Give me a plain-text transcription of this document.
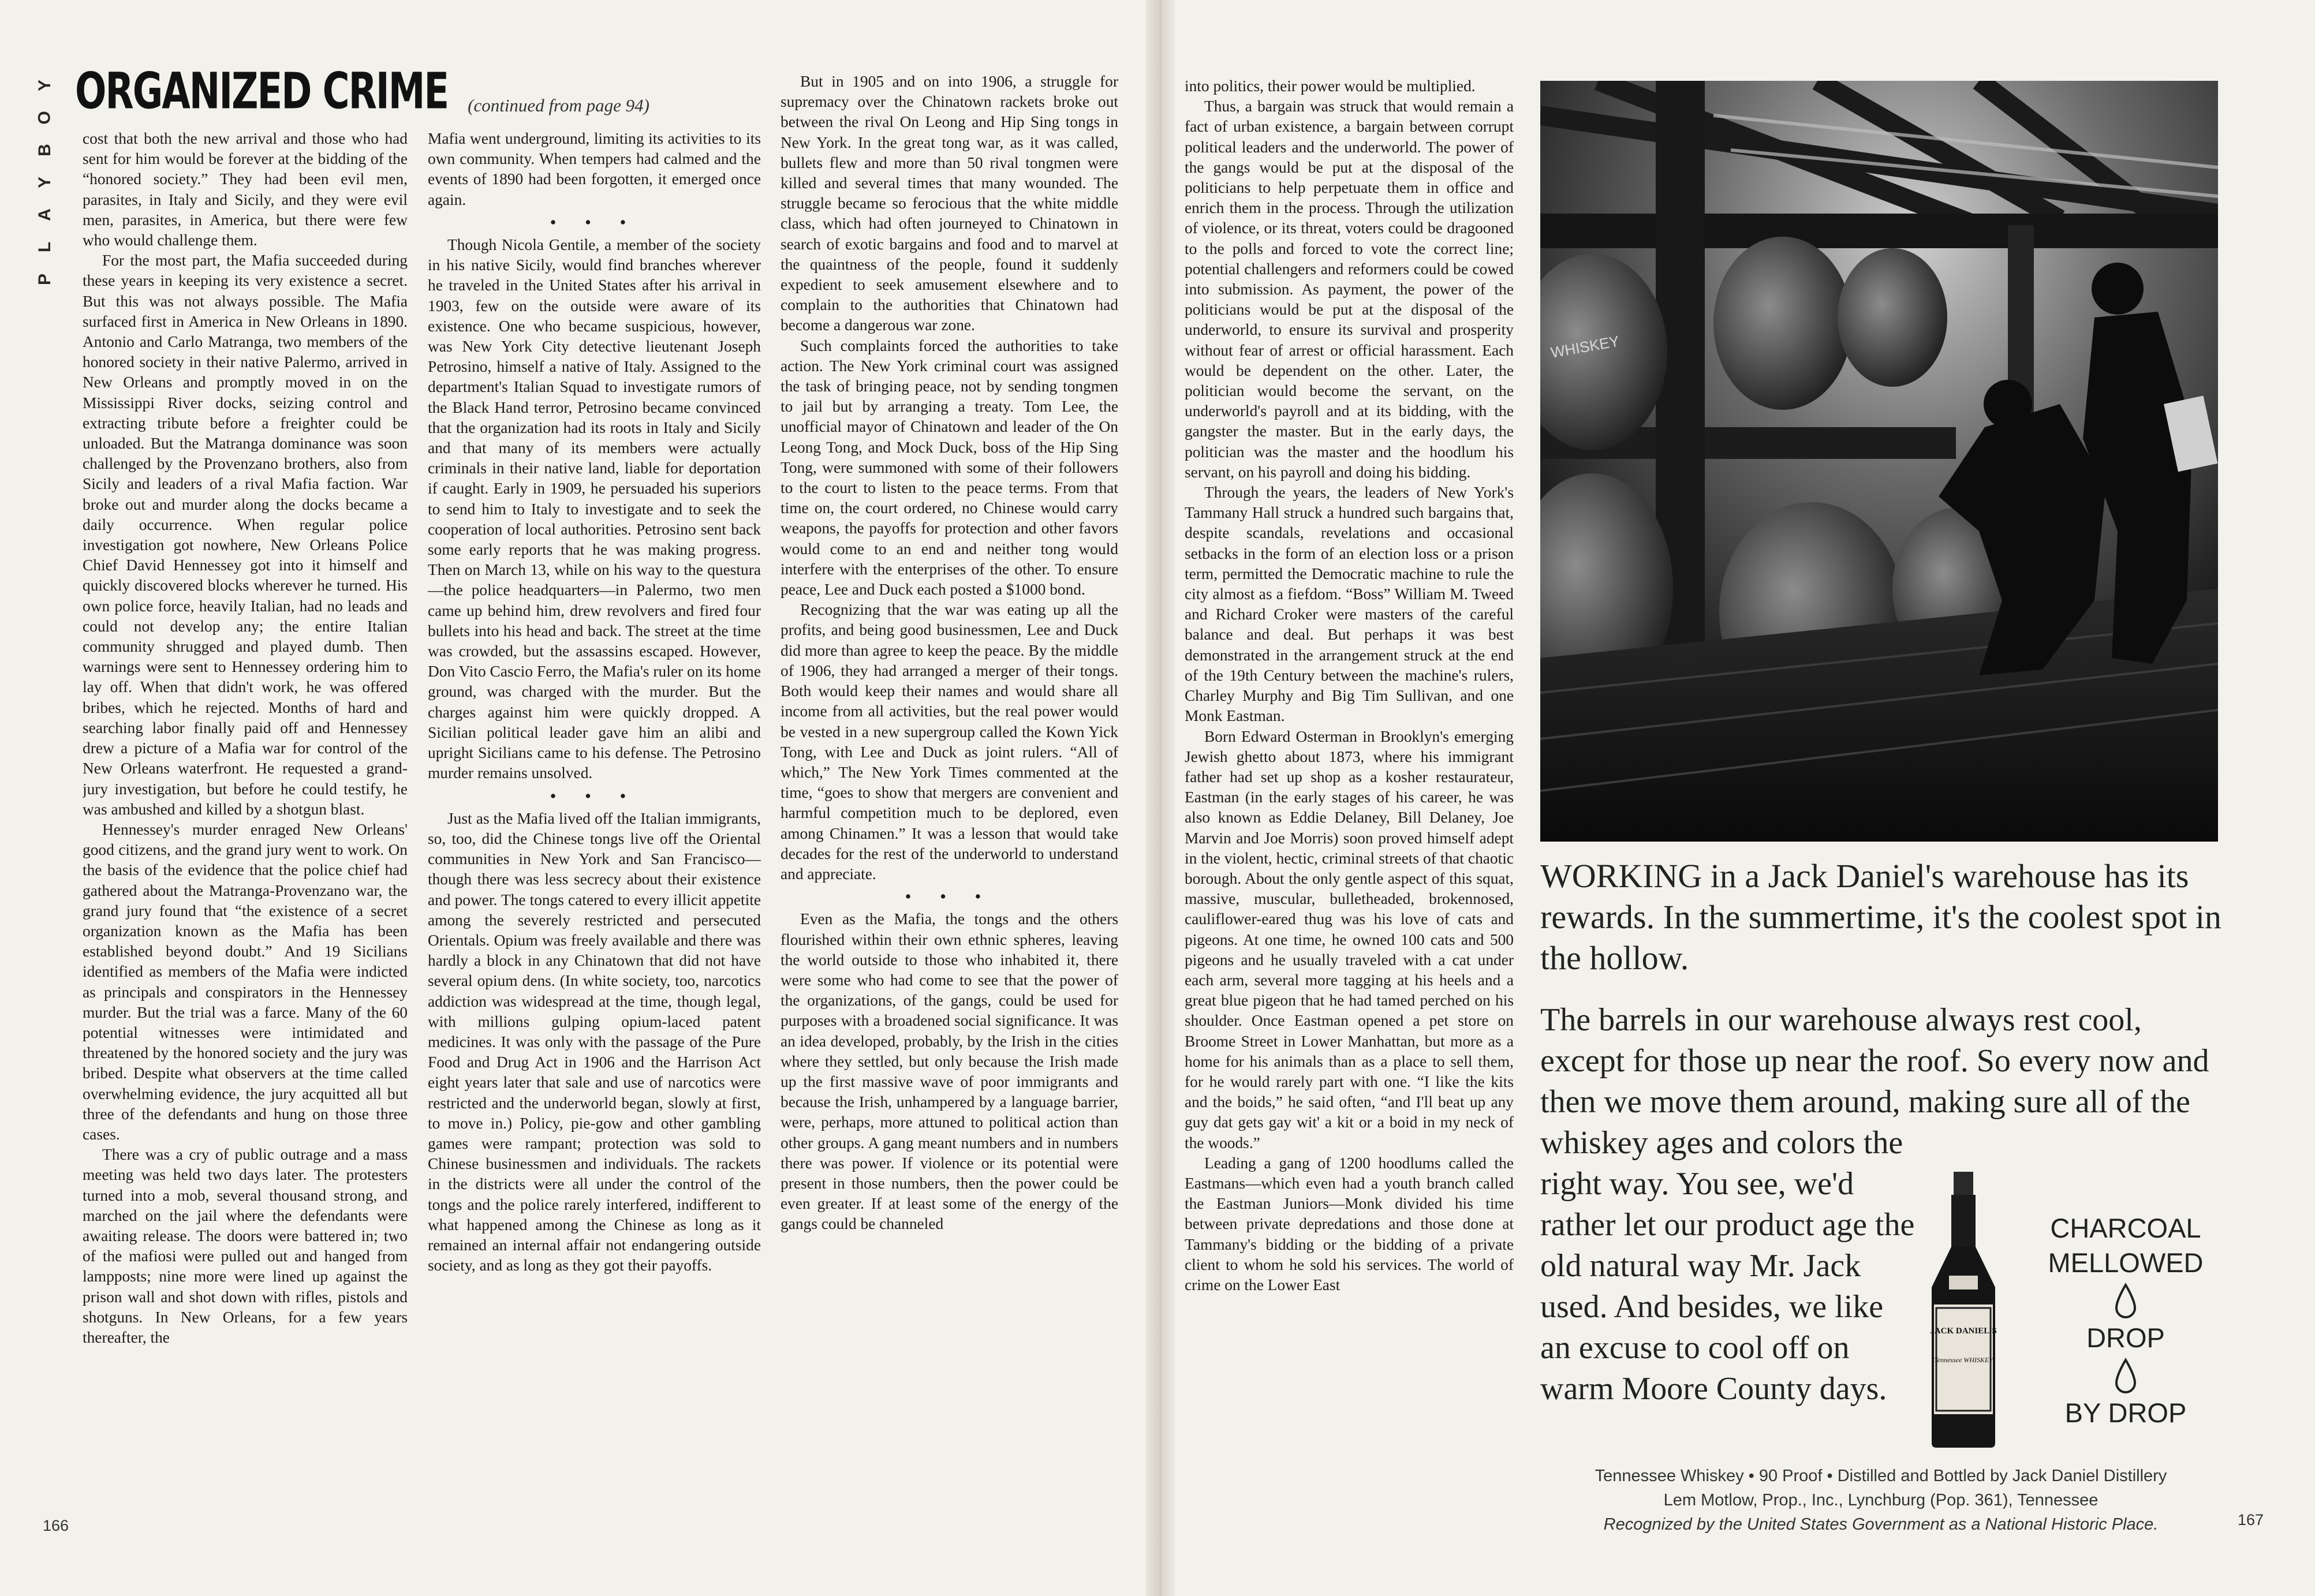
Y
O
B
Y
A
L
P
ORGANIZED CRIME (continued from page 94)

cost that both the new arrival and those who had sent for him would be forever at the bidding of the “honored society.” They had been evil men, parasites, in Italy and Sicily, and they were evil men, parasites, in America, but there were few who would challenge them.

For the most part, the Mafia succeeded during these years in keeping its very existence a secret. But this was not always possible. The Mafia surfaced first in America in New Orleans in 1890. Antonio and Carlo Matranga, two members of the honored society in their native Palermo, arrived in New Orleans and promptly moved in on the Mississippi River docks, seizing control and extracting tribute before a freighter could be unloaded. But the Matranga dominance was soon challenged by the Provenzano brothers, also from Sicily and leaders of a rival Mafia faction. War broke out and murder along the docks became a daily occurrence. When regular police investigation got nowhere, New Orleans Police Chief David Hennessey got into it himself and quickly discovered blocks wherever he turned. His own police force, heavily Italian, had no leads and could not develop any; the entire Italian community shrugged and played dumb. Then warnings were sent to Hennessey ordering him to lay off. When that didn't work, he was offered bribes, which he rejected. Months of hard and searching labor finally paid off and Hennessey drew a picture of a Mafia war for control of the New Orleans waterfront. He requested a grand-jury investigation, but before he could testify, he was ambushed and killed by a shotgun blast.

Hennessey's murder enraged New Orleans' good citizens, and the grand jury went to work. On the basis of the evidence that the police chief had gathered about the Matranga-Provenzano war, the grand jury found that “the existence of a secret organization known as the Mafia has been established beyond doubt.” And 19 Sicilians identified as members of the Mafia were indicted as principals and conspirators in the Hennessey murder. But the trial was a farce. Many of the 60 potential witnesses were intimidated and threatened by the honored society and the jury was bribed. Despite what observers at the time called overwhelming evidence, the jury acquitted all but three of the defendants and hung on those three cases.

There was a cry of public outrage and a mass meeting was held two days later. The protesters turned into a mob, several thousand strong, and marched on the jail where the defendants were awaiting release. The doors were battered in; two of the mafiosi were pulled out and hanged from lampposts; nine more were lined up against the prison wall and shot down with rifles, pistols and shotguns. In New Orleans, for a few years thereafter, the

Mafia went underground, limiting its activities to its own community. When tempers had calmed and the events of 1890 had been forgotten, it emerged once again.

• • •

Though Nicola Gentile, a member of the society in his native Sicily, would find branches wherever he traveled in the United States after his arrival in 1903, few on the outside were aware of its existence. One who became suspicious, however, was New York City detective lieutenant Joseph Petrosino, himself a native of Italy. Assigned to the department's Italian Squad to investigate rumors of the Black Hand terror, Petrosino became convinced that the organization had its roots in Italy and Sicily and that many of its members were actually criminals in their native land, liable for deportation if caught. Early in 1909, he persuaded his superiors to send him to Italy to investigate and to seek the cooperation of local authorities. Petrosino sent back some early reports that he was making progress. Then on March 13, while on his way to the questura—the police headquarters—in Palermo, two men came up behind him, drew revolvers and fired four bullets into his head and back. The street at the time was crowded, but the assassins escaped. However, Don Vito Cascio Ferro, the Mafia's ruler on its home ground, was charged with the murder. But the charges against him were quickly dropped. A Sicilian political leader gave him an alibi and upright Sicilians came to his defense. The Petrosino murder remains unsolved.

• • •

Just as the Mafia lived off the Italian immigrants, so, too, did the Chinese tongs live off the Oriental communities in New York and San Francisco—though there was less secrecy about their existence and power. The tongs catered to every illicit appetite among the severely restricted and persecuted Orientals. Opium was freely available and there was hardly a block in any Chinatown that did not have several opium dens. (In white society, too, narcotics addiction was widespread at the time, though legal, with millions gulping opium-laced patent medicines. It was only with the passage of the Pure Food and Drug Act in 1906 and the Harrison Act eight years later that sale and use of narcotics were restricted and the underworld began, slowly at first, to move in.) Policy, pie-gow and other gambling games were rampant; protection was sold to Chinese businessmen and individuals. The rackets in the districts were all under the control of the tongs and the police rarely interfered, indifferent to what happened among the Chinese as long as it remained an internal affair not endangering outside society, and as long as they got their payoffs.

But in 1905 and on into 1906, a struggle for supremacy over the Chinatown rackets broke out between the rival On Leong and Hip Sing tongs in New York. In the great tong war, as it was called, bullets flew and more than 50 rival tongmen were killed and several times that many wounded. The struggle became so ferocious that the white middle class, which had often journeyed to Chinatown in search of exotic bargains and food and to marvel at the quaintness of the people, found it suddenly expedient to seek amusement elsewhere and to complain to the authorities that Chinatown had become a dangerous war zone.

Such complaints forced the authorities to take action. The New York criminal court was assigned the task of bringing peace, not by sending tongmen to jail but by arranging a treaty. Tom Lee, the unofficial mayor of Chinatown and leader of the On Leong Tong, and Mock Duck, boss of the Hip Sing Tong, were summoned with some of their followers to the court to listen to the peace terms. From that time on, the court ordered, no Chinese would carry weapons, the payoffs for protection and other favors would come to an end and neither tong would interfere with the enterprises of the other. To ensure peace, Lee and Duck each posted a $1000 bond.

Recognizing that the war was eating up all the profits, and being good businessmen, Lee and Duck did more than agree to keep the peace. By the middle of 1906, they had arranged a merger of their tongs. Both would keep their names and would share all income from all activities, but the real power would be vested in a new supergroup called the Kown Yick Tong, with Lee and Duck as joint rulers. “All of which,” The New York Times commented at the time, “goes to show that mergers are convenient and harmful competition much to be deplored, even among Chinamen.” It was a lesson that would take decades for the rest of the underworld to understand and appreciate.

• • •

Even as the Mafia, the tongs and the others flourished within their own ethnic spheres, leaving the world outside to those who inhabited it, there were some who had come to see that the power of the organizations, of the gangs, could be used for purposes with a broadened social significance. It was an idea developed, probably, by the Irish in the cities where they settled, but only because the Irish made up the first massive wave of poor immigrants and because the Irish, unhampered by a language barrier, were, perhaps, more attuned to political action than other groups. A gang meant numbers and in numbers there was power. If violence or its potential were present in those numbers, then the power could be even greater. If at least some of the energy of the gangs could be channeled

166

into politics, their power would be multiplied.

Thus, a bargain was struck that would remain a fact of urban existence, a bargain between corrupt political leaders and the underworld. The power of the gangs would be put at the disposal of the politicians to help perpetuate them in office and enrich them in the process. Through the utilization of violence, or its threat, voters could be dragooned to the polls and forced to vote the correct line; potential challengers and reformers could be cowed into submission. As payment, the power of the politicians would be put at the disposal of the underworld, to ensure its survival and prosperity without fear of arrest or official harassment. Each would be dependent on the other. Later, the politician would become the servant, on the underworld's payroll and at its bidding, with the gangster the master. But in the early days, the politician was the master and the hoodlum his servant, on his payroll and doing his bidding.

Through the years, the leaders of New York's Tammany Hall struck a hundred such bargains that, despite scandals, revelations and occasional setbacks in the form of an election loss or a prison term, permitted the Democratic machine to rule the city almost as a fiefdom. “Boss” William M. Tweed and Richard Croker were masters of the careful balance and deal. But perhaps it was best demonstrated in the arrangement struck at the end of the 19th Century between the machine's rulers, Charley Murphy and Big Tim Sullivan, and one Monk Eastman.

Born Edward Osterman in Brooklyn's emerging Jewish ghetto about 1873, where his immigrant father had set up shop as a kosher restaurateur, Eastman (in the early stages of his career, he was also known as Eddie Delaney, Bill Delaney, Joe Marvin and Joe Morris) soon proved himself adept in the violent, hectic, criminal streets of that chaotic borough. About the only gentle aspect of this squat, massive, muscular, bulletheaded, brokennosed, cauliflower-eared thug was his love of cats and pigeons. At one time, he owned 100 cats and 500 pigeons and he usually traveled with a cat under each arm, several more tagging at his heels and a great blue pigeon that he had tamed perched on his shoulder. Once Eastman opened a pet store on Broome Street in Lower Manhattan, but more as a home for his animals than as a place to sell them, for he would rarely part with one. “I like the kits and the boids,” he said often, “and I'll beat up any guy dat gets gay wit' a kit or a boid in my neck of the woods.”

Leading a gang of 1200 hoodlums called the Eastmans—which even had a youth branch called the Eastman Juniors—Monk divided his time between private depredations and those done at Tammany's bidding or the bidding of a private client to whom he sold his services. The world of crime on the Lower East

WHISKEY
WORKING in a Jack Daniel's warehouse has its rewards. In the summertime, it's the coolest spot in the hollow.
The barrels in our warehouse always rest cool, except for those up near the roof. So every now and then we move them around, making sure all of the whiskey ages and colors the
right way. You see, we'd rather let our product age the old natural way Mr. Jack used. And besides, we like an excuse to cool off on warm Moore County days.
JACK DANIEL'S
Tennessee WHISKEY
CHARCOAL
MELLOWED
DROP
BY DROP
Tennessee Whiskey • 90 Proof • Distilled and Bottled by Jack Daniel Distillery
Lem Motlow, Prop., Inc., Lynchburg (Pop. 361), Tennessee
Recognized by the United States Government as a National Historic Place.	167
